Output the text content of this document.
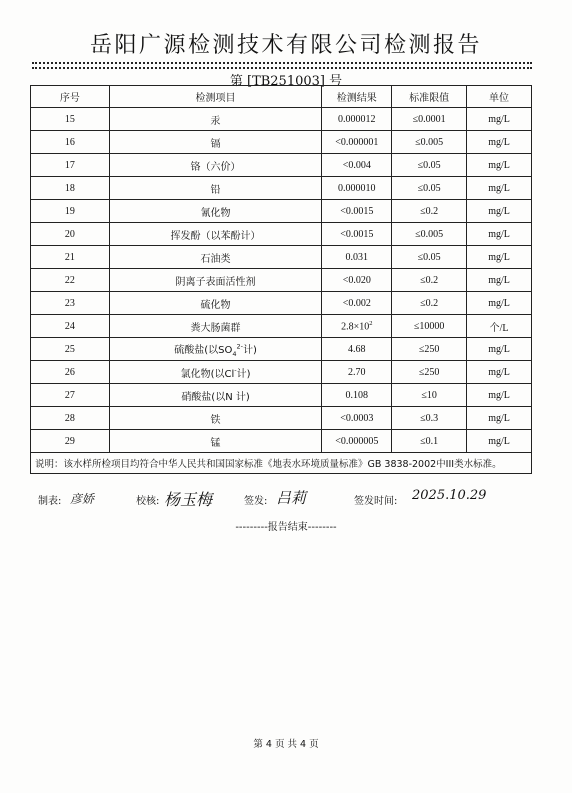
岳阳广源检测技术有限公司检测报告
第 [TB251003] 号
序号	检测项目	检测结果	标准限值	单位
15	汞	0.000012	≤0.0001	mg/L
16	镉	<0.000001	≤0.005	mg/L
17	铬（六价）	<0.004	≤0.05	mg/L
18	铅	0.000010	≤0.05	mg/L
19	氰化物	<0.0015	≤0.2	mg/L
20	挥发酚（以苯酚计）	<0.0015	≤0.005	mg/L
21	石油类	0.031	≤0.05	mg/L
22	阴离子表面活性剂	<0.020	≤0.2	mg/L
23	硫化物	<0.002	≤0.2	mg/L
24	粪大肠菌群	$2.8\times 10^2$	≤10000	个/L
25	硫酸盐(以$SO_4^{2-}$计)	4.68	≤250	mg/L
26	氯化物(以Cl-计)	2.70	≤250	mg/L
27	硝酸盐(以N 计)	0.108	≤10	mg/L
28	铁	<0.0003	≤0.3	mg/L
29	锰	<0.000005	≤0.1	mg/L
说明：该水样所检项目均符合中华人民共和国国家标准《地表水环境质量标准》GB 3838-2002中III类水标准。				
制表: 彦娇	校核: 杨玉梅	签发: 吕莉	签发时间: 2025.10.29
---------报告结束--------
第 4 页 共 4 页
